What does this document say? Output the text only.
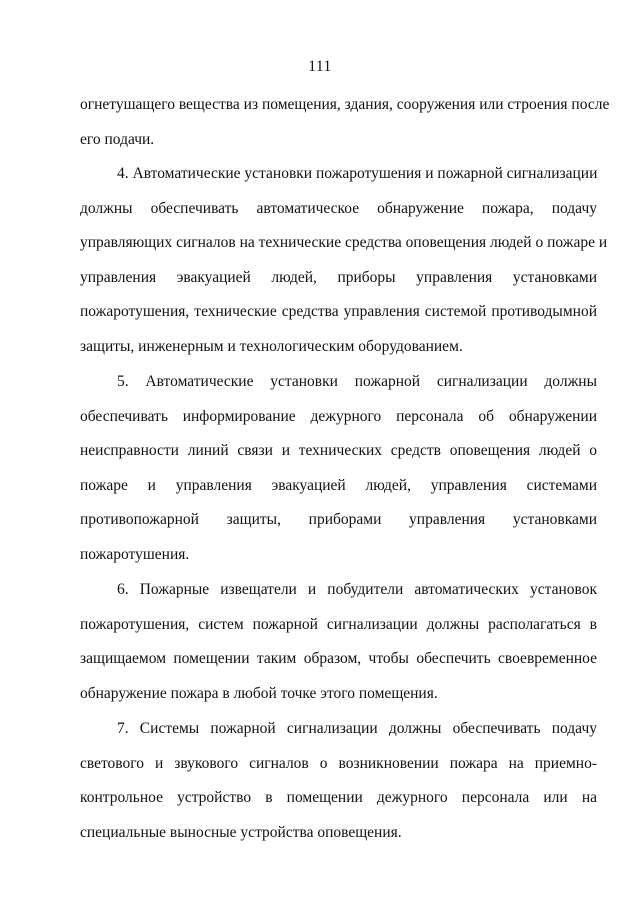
111
огнетушащего вещества из помещения, здания, сооружения или строения после
его подачи.
4. Автоматические установки пожаротушения и пожарной сигнализации
должны обеспечивать автоматическое обнаружение пожара, подачу
управляющих сигналов на технические средства оповещения людей о пожаре и
управления эвакуацией людей, приборы управления установками
пожаротушения, технические средства управления системой противодымной
защиты, инженерным и технологическим оборудованием.
5. Автоматические установки пожарной сигнализации должны
обеспечивать информирование дежурного персонала об обнаружении
неисправности линий связи и технических средств оповещения людей о
пожаре и управления эвакуацией людей, управления системами
противопожарной защиты, приборами управления установками
пожаротушения.
6. Пожарные извещатели и побудители автоматических установок
пожаротушения, систем пожарной сигнализации должны располагаться в
защищаемом помещении таким образом, чтобы обеспечить своевременное
обнаружение пожара в любой точке этого помещения.
7. Системы пожарной сигнализации должны обеспечивать подачу
светового и звукового сигналов о возникновении пожара на приемно-
контрольное устройство в помещении дежурного персонала или на
специальные выносные устройства оповещения.
